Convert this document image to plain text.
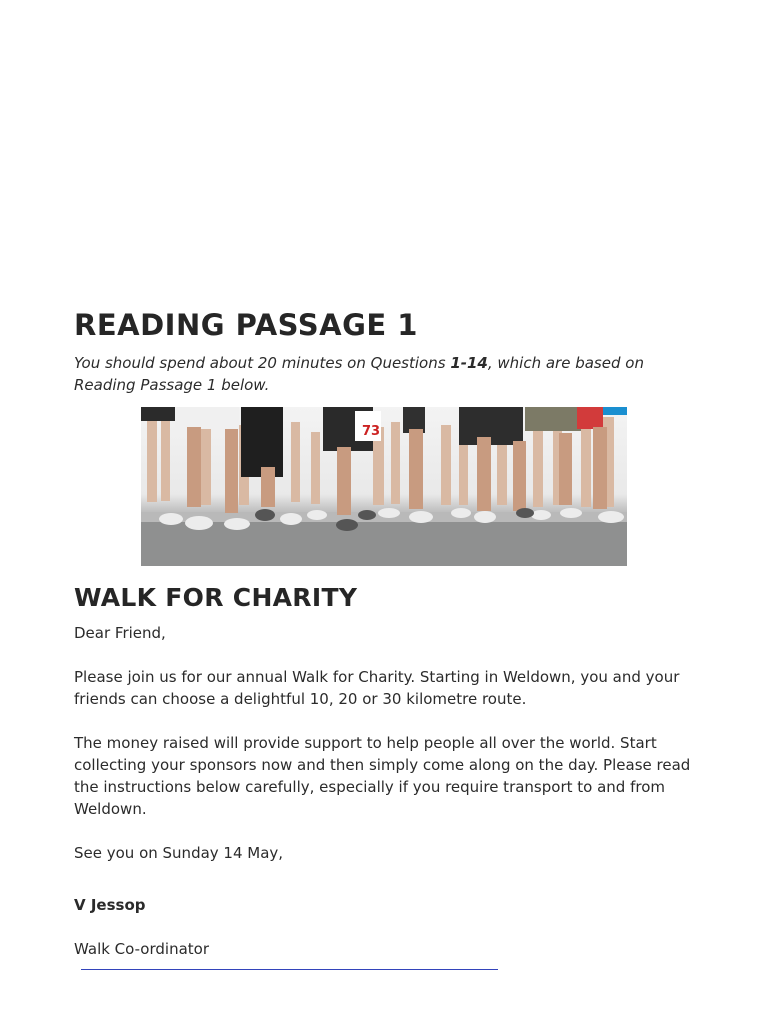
READING PASSAGE 1

You should spend about 20 minutes on Questions 1-14, which are based on Reading Passage 1 below.

73
WALK FOR CHARITY

Dear Friend,

Please join us for our annual Walk for Charity. Starting in Weldown, you and your friends can choose a delightful 10, 20 or 30 kilometre route.

The money raised will provide support to help people all over the world. Start collecting your sponsors now and then simply come along on the day. Please read the instructions below carefully, especially if you require transport to and from Weldown.

See you on Sunday 14 May,

V Jessop

Walk Co-ordinator
